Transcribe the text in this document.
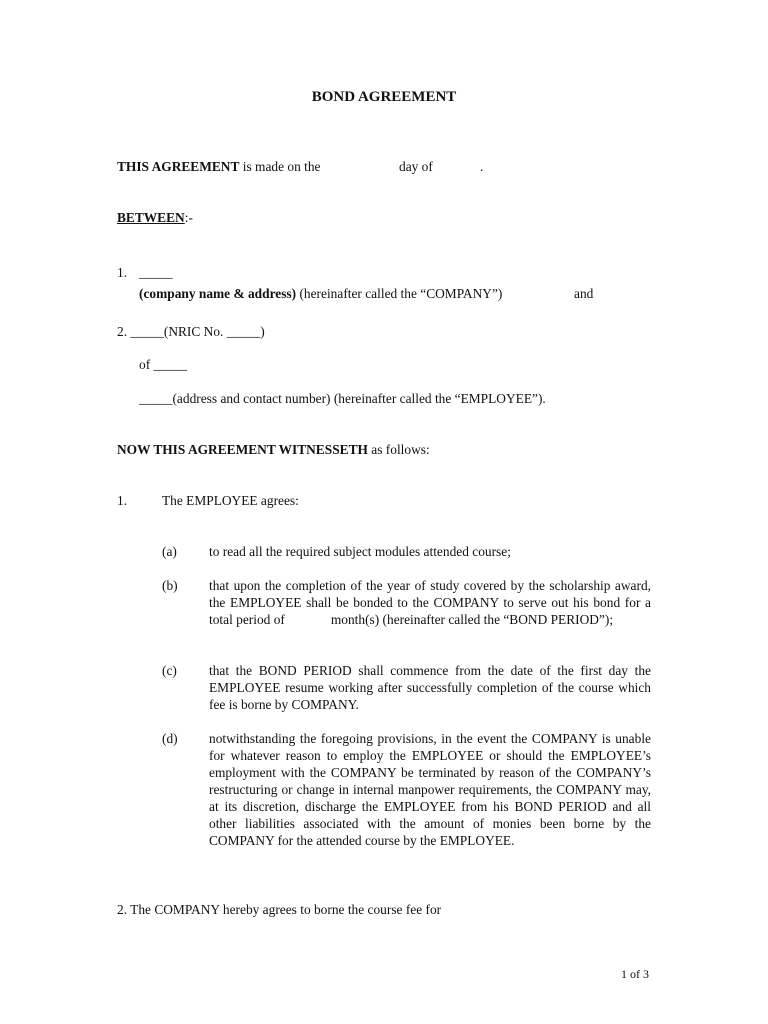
BOND AGREEMENT
THIS AGREEMENT is made on the	day of	.
BETWEEN:-
1. _____
(company name & address) (hereinafter called the “COMPANY”)	and
2. _____(NRIC No. _____)
of _____
_____(address and contact number) (hereinafter called the “EMPLOYEE”).
NOW THIS AGREEMENT WITNESSETH as follows:
1.	The EMPLOYEE agrees:
(a) to read all the required subject modules attended course;
(b) that upon the completion of the year of study covered by the scholarship award, the EMPLOYEE shall be bonded to the COMPANY to serve out his bond for a total period of	month(s) (hereinafter called the “BOND PERIOD”);
(c) that the BOND PERIOD shall commence from the date of the first day the EMPLOYEE resume working after successfully completion of the course which fee is borne by COMPANY.
(d) notwithstanding the foregoing provisions, in the event the COMPANY is unable for whatever reason to employ the EMPLOYEE or should the EMPLOYEE’s employment with the COMPANY be terminated by reason of the COMPANY’s restructuring or change in internal manpower requirements, the COMPANY may, at its discretion, discharge the EMPLOYEE from his BOND PERIOD and all other liabilities associated with the amount of monies been borne by the COMPANY for the attended course by the EMPLOYEE.
2. The COMPANY hereby agrees to borne the course fee for
1 of 3
